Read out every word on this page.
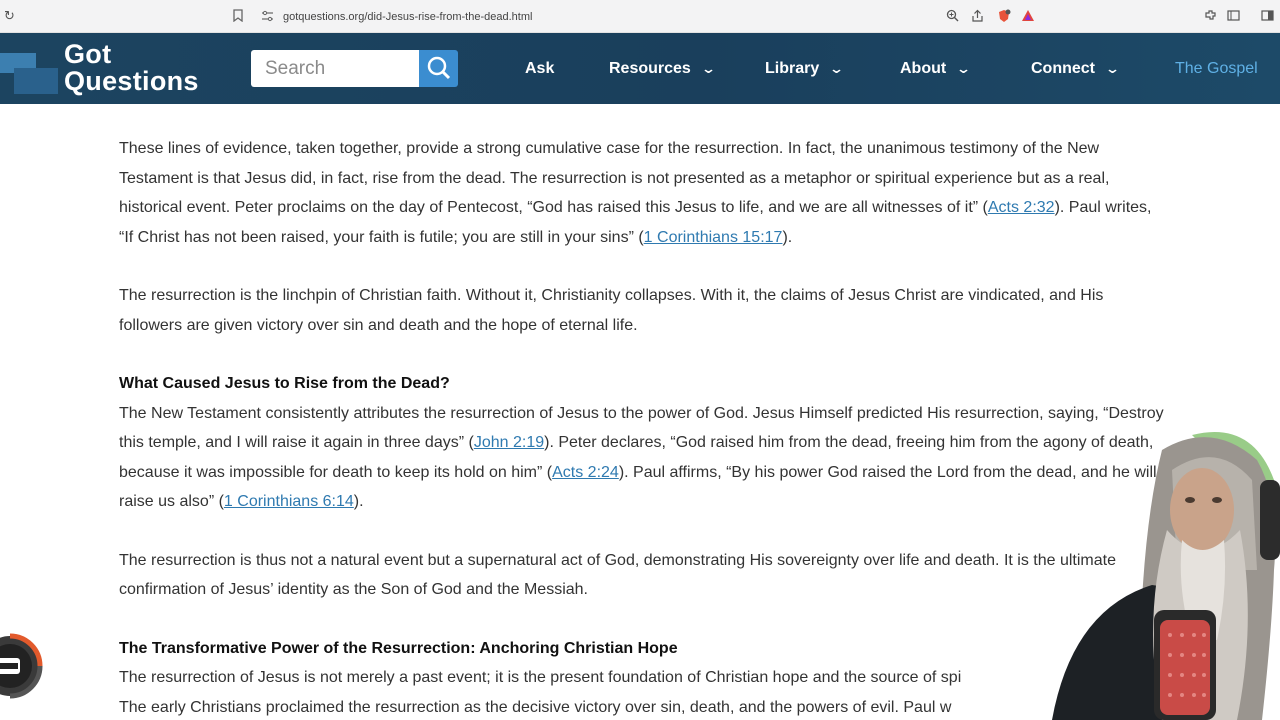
↻	gotquestions.org/did-Jesus-rise-from-the-dead.html
Got
Questions
Search	Ask	Resources ⌄	Library ⌄	About ⌄	Connect ⌄	The Gospel

These lines of evidence, taken together, provide a strong cumulative case for the resurrection. In fact, the unanimous testimony of the New Testament is that Jesus did, in fact, rise from the dead. The resurrection is not presented as a metaphor or spiritual experience but as a real, historical event. Peter proclaims on the day of Pentecost, “God has raised this Jesus to life, and we are all witnesses of it” (Acts 2:32). Paul writes, “If Christ has not been raised, your faith is futile; you are still in your sins” (1 Corinthians 15:17).

The resurrection is the linchpin of Christian faith. Without it, Christianity collapses. With it, the claims of Jesus Christ are vindicated, and His followers are given victory over sin and death and the hope of eternal life.

What Caused Jesus to Rise from the Dead?

The New Testament consistently attributes the resurrection of Jesus to the power of God. Jesus Himself predicted His resurrection, saying, “Destroy this temple, and I will raise it again in three days” (John 2:19). Peter declares, “God raised him from the dead, freeing him from the agony of death, because it was impossible for death to keep its hold on him” (Acts 2:24). Paul affirms, “By his power God raised the Lord from the dead, and he will raise us also” (1 Corinthians 6:14).

The resurrection is thus not a natural event but a supernatural act of God, demonstrating His sovereignty over life and death. It is the ultimate confirmation of Jesus’ identity as the Son of God and the Messiah.

The Transformative Power of the Resurrection: Anchoring Christian Hope

The resurrection of Jesus is not merely a past event; it is the present foundation of Christian hope and the source of spi
The early Christians proclaimed the resurrection as the decisive victory over sin, death, and the powers of evil. Paul w
